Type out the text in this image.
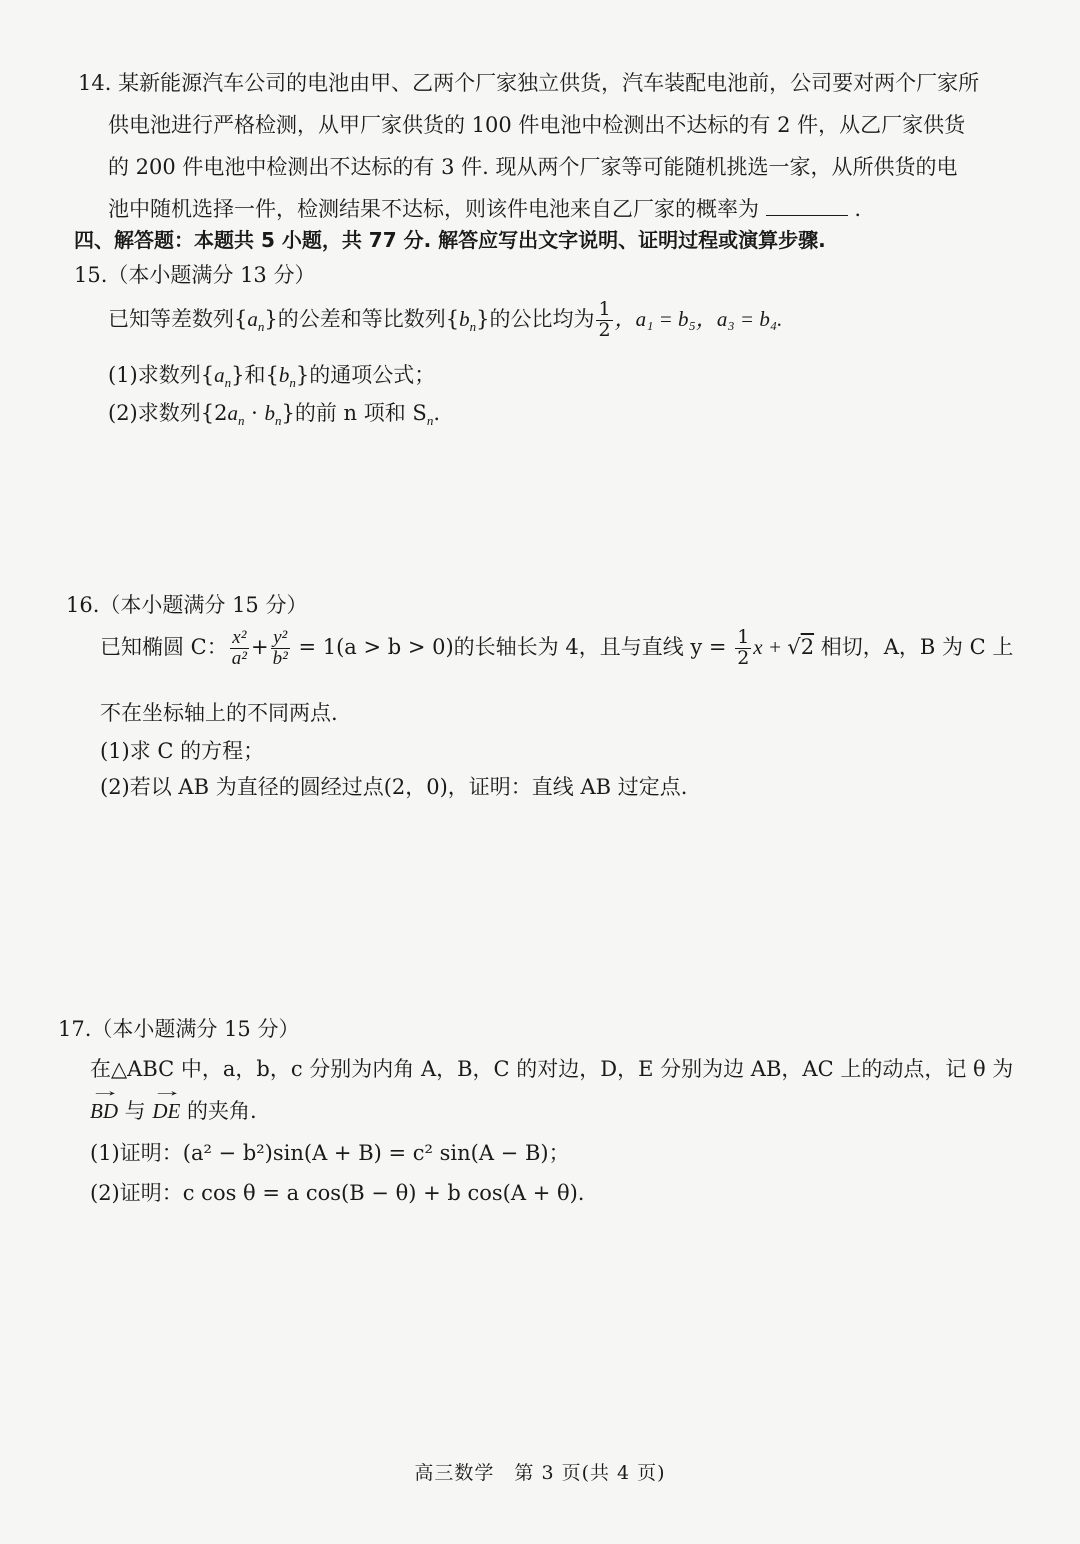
14. 某新能源汽车公司的电池由甲、乙两个厂家独立供货，汽车装配电池前，公司要对两个厂家所
供电池进行严格检测，从甲厂家供货的 100 件电池中检测出不达标的有 2 件，从乙厂家供货
的 200 件电池中检测出不达标的有 3 件. 现从两个厂家等可能随机挑选一家，从所供货的电
池中随机选择一件，检测结果不达标，则该件电池来自乙厂家的概率为	.
四、解答题：本题共 5 小题，共 77 分. 解答应写出文字说明、证明过程或演算步骤.
15.（本小题满分 13 分）
已知等差数列$\{a_n\}$的公差和等比数列$\{b_n\}$的公比均为 $\frac{1}{2}$ ，a₁ = b₅，a₃ = b₄.
(1)求数列$\{a_n\}$和$\{b_n\}$的通项公式；
(2)求数列$\{2a_n \cdot b_n\}$的前 n 项和 $S_n$.
16.（本小题满分 15 分）
已知椭圆 C： $\frac{\text{x²}}{\text{a²}} + \frac{\text{y²}}{\text{b²}} = 1(a > b > 0)$的长轴长为 4，且与直线 $y = \frac{1}{2}$ x + √2 相切，A，B 为 C 上
不在坐标轴上的不同两点.
(1)求 C 的方程；
(2)若以 AB 为直径的圆经过点(2，0)，证明：直线 AB 过定点.
17.（本小题满分 15 分）
在△ABC 中，a，b，c 分别为内角 A，B，C 的对边，D，E 分别为边 AB，AC 上的动点，记 θ 为
→ BD 与 → DE 的夹角.
(1)证明：(a² − b²)sin(A + B) = c² sin(A − B)；
(2)证明：c cos θ = a cos(B − θ) + b cos(A + θ).
高三数学　第 3 页(共 4 页)
